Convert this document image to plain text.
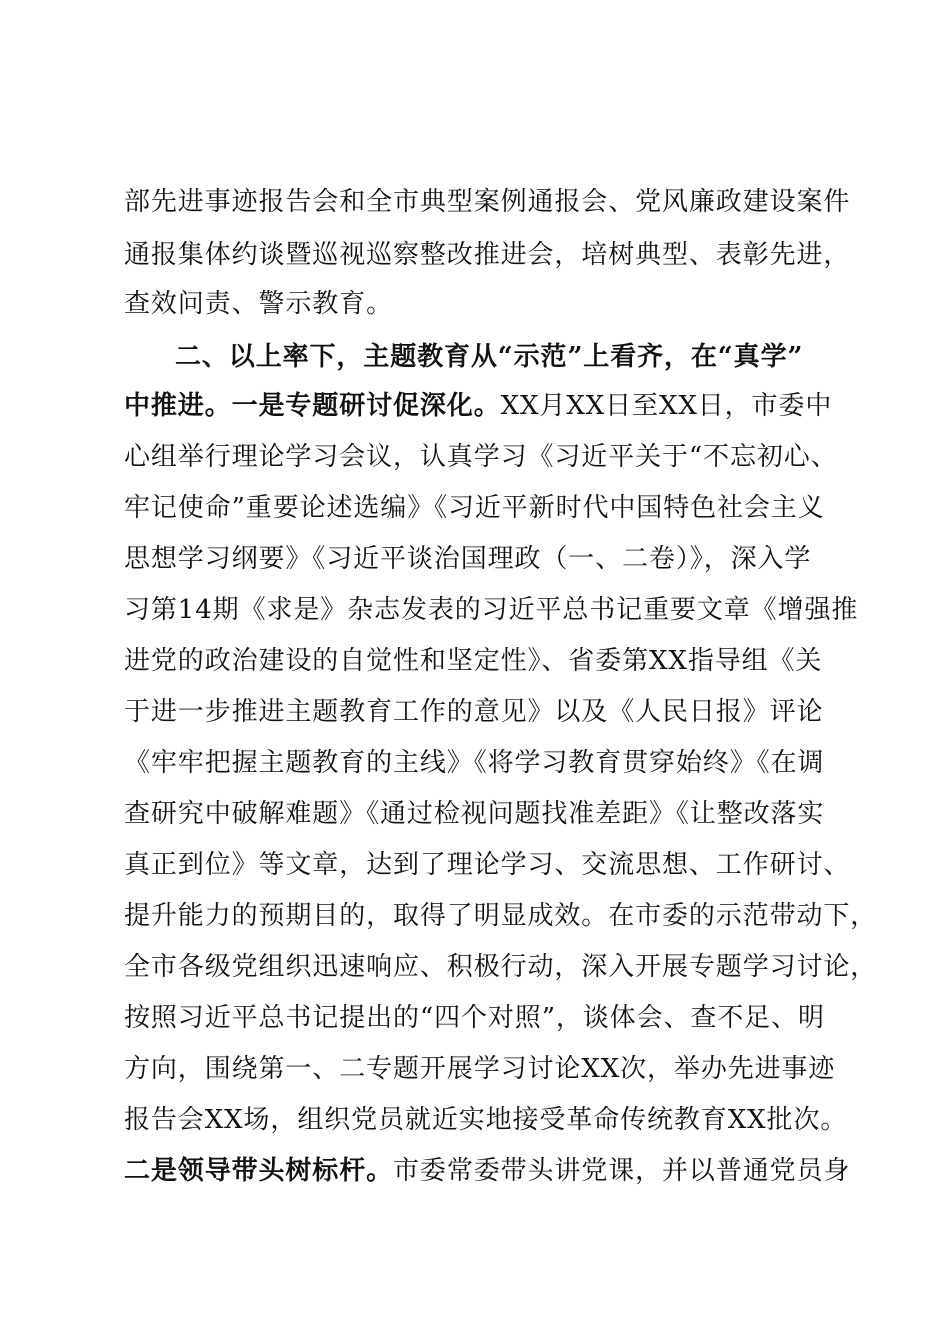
部先进事迹报告会和全市典型案例通报会、党风廉政建设案件
通报集体约谈暨巡视巡察整改推进会，培树典型、表彰先进，
查效问责、警示教育。
二、以上率下，主题教育从“示范”上看齐，在“真学”
中推进。一是专题研讨促深化。XX月XX日至XX日，市委中
心组举行理论学习会议，认真学习《习近平关于“不忘初心、
牢记使命”重要论述选编》《习近平新时代中国特色社会主义
思想学习纲要》《习近平谈治国理政（一、二卷）》，深入学
习第14期《求是》杂志发表的习近平总书记重要文章《增强推
进党的政治建设的自觉性和坚定性》、省委第XX指导组《关
于进一步推进主题教育工作的意见》以及《人民日报》评论
《牢牢把握主题教育的主线》《将学习教育贯穿始终》《在调
查研究中破解难题》《通过检视问题找准差距》《让整改落实
真正到位》等文章，达到了理论学习、交流思想、工作研讨、
提升能力的预期目的，取得了明显成效。在市委的示范带动下，
全市各级党组织迅速响应、积极行动，深入开展专题学习讨论，
按照习近平总书记提出的“四个对照”，谈体会、查不足、明
方向，围绕第一、二专题开展学习讨论XX次，举办先进事迹
报告会XX场，组织党员就近实地接受革命传统教育XX批次。
二是领导带头树标杆。市委常委带头讲党课，并以普通党员身
